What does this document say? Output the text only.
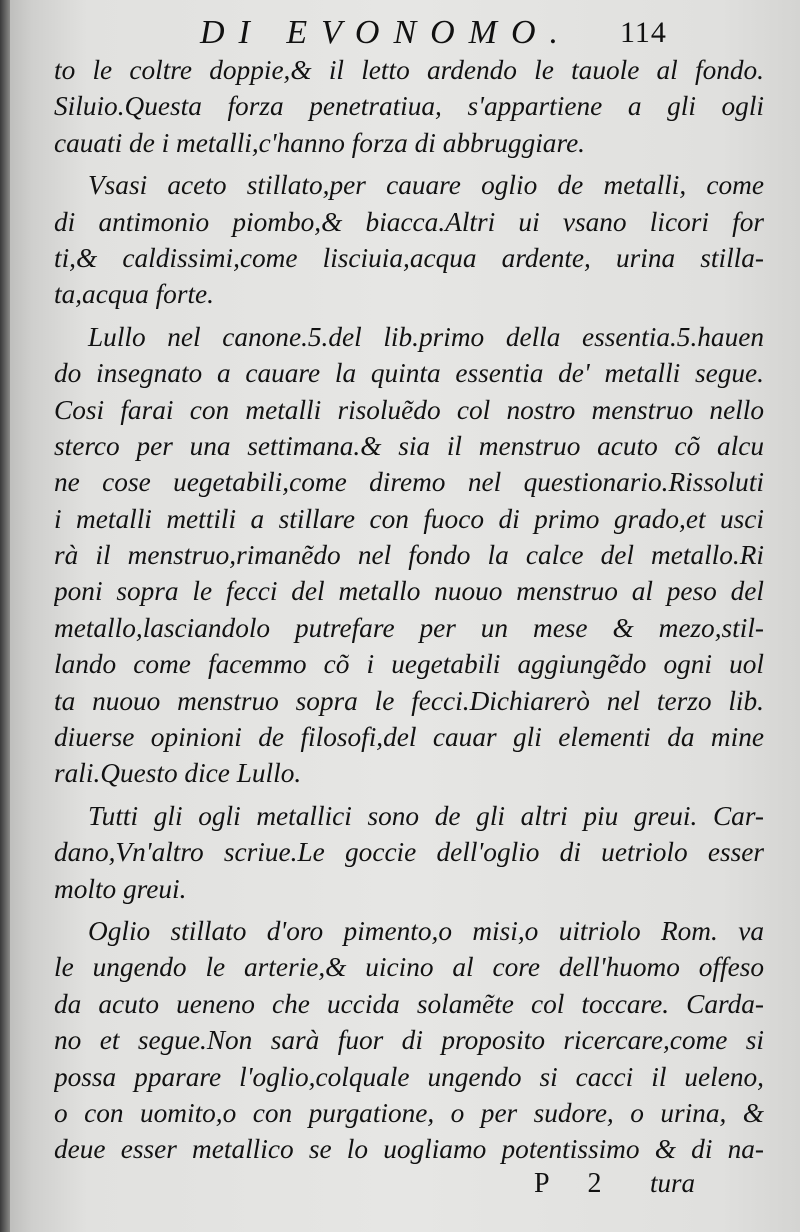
DI EVONOMO. 114
to le coltre doppie,& il letto ardendo le tauole al fondo.
Siluio.Questa forza penetratiua, s'appartiene a gli ogli
cauati de i metalli,c'hanno forza di abbruggiare.
Vsasi aceto stillato,per cauare oglio de metalli, come
di antimonio piombo,& biacca.Altri ui vsano licori for
ti,& caldissimi,come lisciuia,acqua ardente, urina stilla-
ta,acqua forte.
Lullo nel canone.5.del lib.primo della essentia.5.hauen
do insegnato a cauare la quinta essentia de' metalli segue.
Cosi farai con metalli risoluẽdo col nostro menstruo nello
sterco per una settimana.& sia il menstruo acuto cõ alcu
ne cose uegetabili,come diremo nel questionario.Rissoluti
i metalli mettili a stillare con fuoco di primo grado,et usci
rà il menstruo,rimanẽdo nel fondo la calce del metallo.Ri
poni sopra le fecci del metallo nuouo menstruo al peso del
metallo,lasciandolo putrefare per un mese & mezo,stil-
lando come facemmo cõ i uegetabili aggiungẽdo ogni uol
ta nuouo menstruo sopra le fecci.Dichiarerò nel terzo lib.
diuerse opinioni de filosofi,del cauar gli elementi da mine
rali.Questo dice Lullo.
Tutti gli ogli metallici sono de gli altri piu greui. Car-
dano,Vn'altro scriue.Le goccie dell'oglio di uetriolo esser
molto greui.
Oglio stillato d'oro pimento,o misi,o uitriolo Rom. va
le ungendo le arterie,& uicino al core dell'huomo offeso
da acuto ueneno che uccida solamẽte col toccare. Carda-
no et segue.Non sarà fuor di proposito ricercare,come si
possa pparare l'oglio,colquale ungendo si cacci il ueleno,
o con uomito,o con purgatione, o per sudore, o urina, &
deue esser metallico se lo uogliamo potentissimo & di na-
P 2 tura
